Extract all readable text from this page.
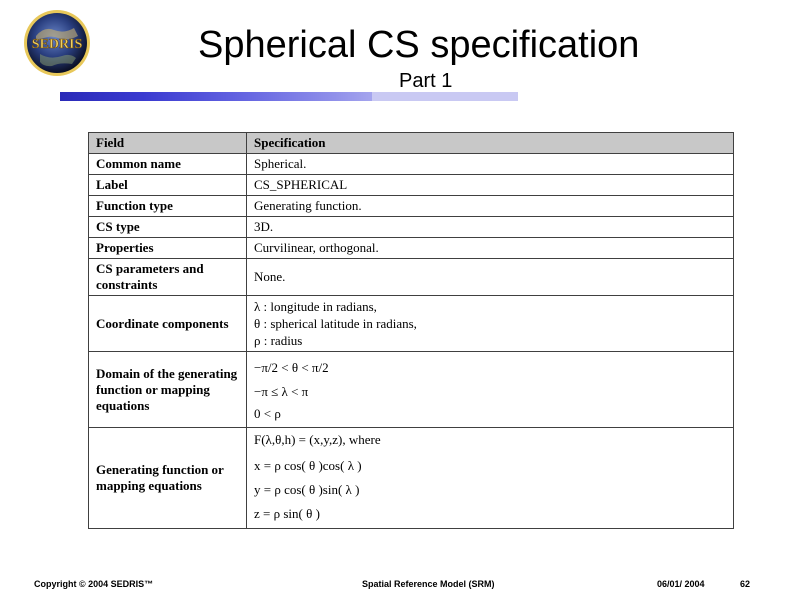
SEDRIS	Spherical CS specification
Part 1
Field	Specification
Common name	Spherical.
Label	CS_SPHERICAL
Function type	Generating function.
CS type	3D.
Properties	Curvilinear, orthogonal.
CS parameters and constraints	None.
Coordinate components	λ : longitude in radians,
θ : spherical latitude in radians,
ρ : radius

Domain of the generating function or mapping equations	−π/2 < θ < π/2
−π ≤ λ < π
0 < ρ

Generating function or mapping equations	F(λ,θ,h) = (x,y,z), where
x = ρ cos( θ )cos( λ )
y = ρ cos( θ )sin( λ )
z = ρ sin( θ )
Copyright © 2004 SEDRIS™	Spatial Reference Model (SRM)	06/01/ 2004	62
